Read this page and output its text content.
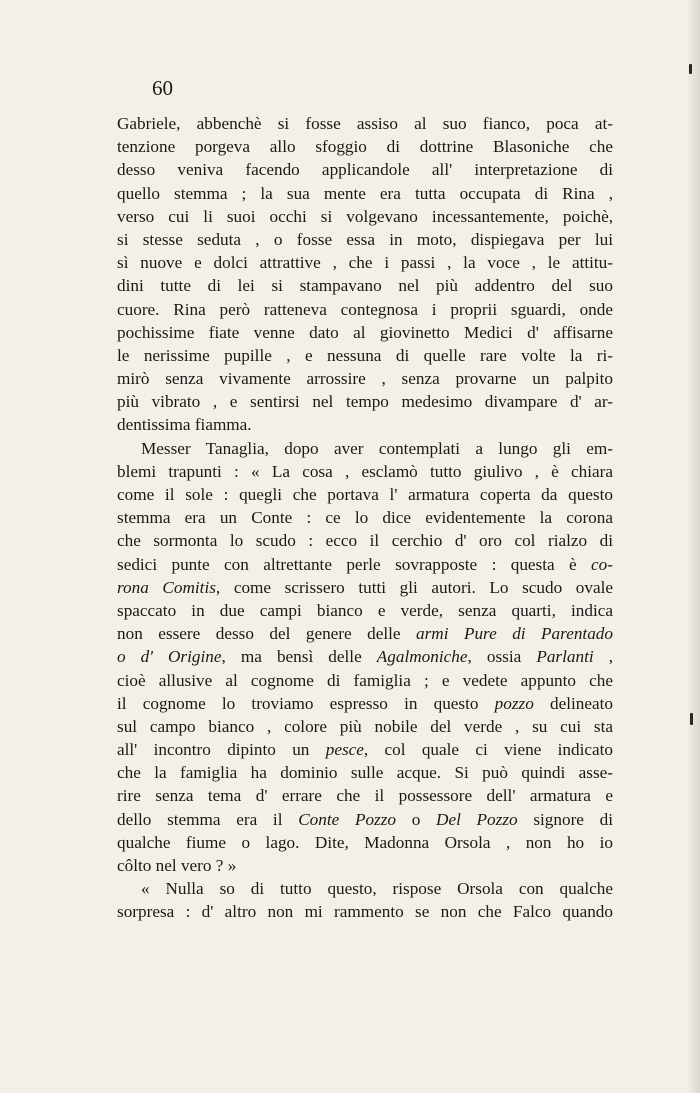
60
Gabriele, abbenchè si fosse assiso al suo fianco, poca at-
tenzione porgeva allo sfoggio di dottrine Blasoniche che
desso veniva facendo applicandole all' interpretazione di
quello stemma ; la sua mente era tutta occupata di Rina ,
verso cui li suoi occhi si volgevano incessantemente, poichè,
si stesse seduta , o fosse essa in moto, dispiegava per lui
sì nuove e dolci attrattive , che i passi , la voce , le attitu-
dini tutte di lei si stampavano nel più addentro del suo
cuore. Rina però ratteneva contegnosa i proprii sguardi, onde
pochissime fiate venne dato al giovinetto Medici d' affisarne
le nerissime pupille , e nessuna di quelle rare volte la ri-
mirò senza vivamente arrossire , senza provarne un palpito
più vibrato , e sentirsi nel tempo medesimo divampare d' ar-
dentissima fiamma.
Messer Tanaglia, dopo aver contemplati a lungo gli em-
blemi trapunti : « La cosa , esclamò tutto giulivo , è chiara
come il sole : quegli che portava l' armatura coperta da questo
stemma era un Conte : ce lo dice evidentemente la corona
che sormonta lo scudo : ecco il cerchio d' oro col rialzo di
sedici punte con altrettante perle sovrapposte : questa è co-
rona Comitis, come scrissero tutti gli autori. Lo scudo ovale
spaccato in due campi bianco e verde, senza quarti, indica
non essere desso del genere delle armi Pure di Parentado
o d' Origine, ma bensì delle Agalmoniche, ossia Parlanti ,
cioè allusive al cognome di famiglia ; e vedete appunto che
il cognome lo troviamo espresso in questo pozzo delineato
sul campo bianco , colore più nobile del verde , su cui sta
all' incontro dipinto un pesce, col quale ci viene indicato
che la famiglia ha dominio sulle acque. Si può quindi asse-
rire senza tema d' errare che il possessore dell' armatura e
dello stemma era il Conte Pozzo o Del Pozzo signore di
qualche fiume o lago. Dite, Madonna Orsola , non ho io
côlto nel vero ? »
« Nulla so di tutto questo, rispose Orsola con qualche
sorpresa : d' altro non mi rammento se non che Falco quando
